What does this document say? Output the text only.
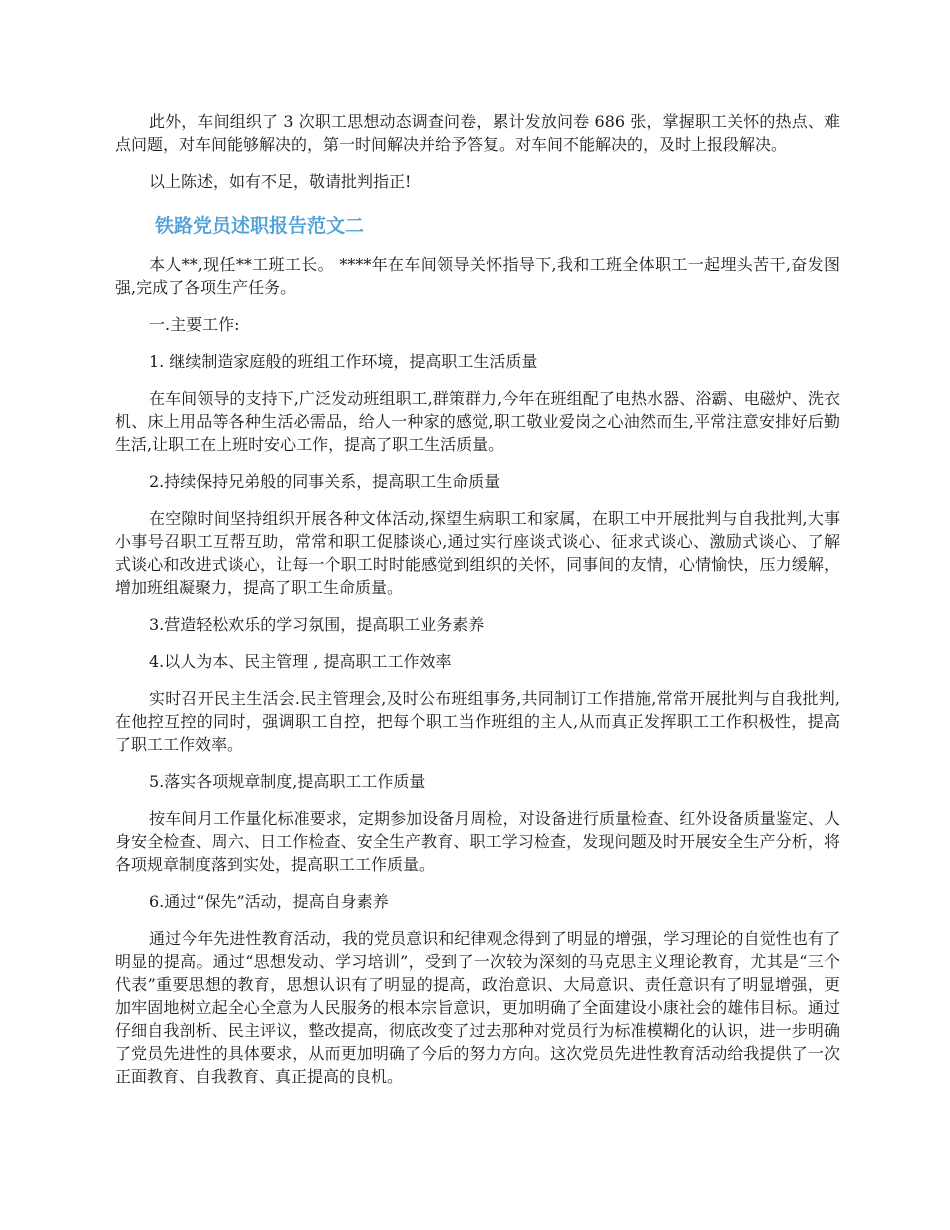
此外，车间组织了 3 次职工思想动态调查问卷，累计发放问卷 686 张，掌握职工关怀的热点、难点问题，对车间能够解决的，第一时间解决并给予答复。对车间不能解决的，及时上报段解决。

以上陈述，如有不足，敬请批判指正!

铁路党员述职报告范文二

本人**,现任**工班工长。 ****年在车间领导关怀指导下,我和工班全体职工一起埋头苦干,奋发图强,完成了各项生产任务。

一.主要工作:

1. 继续制造家庭般的班组工作环境，提高职工生活质量

在车间领导的支持下,广泛发动班组职工,群策群力,今年在班组配了电热水器、浴霸、电磁炉、洗衣机、床上用品等各种生活必需品，给人一种家的感觉,职工敬业爱岗之心油然而生,平常注意安排好后勤生活,让职工在上班时安心工作，提高了职工生活质量。

2.持续保持兄弟般的同事关系，提高职工生命质量

在空隙时间坚持组织开展各种文体活动,探望生病职工和家属，在职工中开展批判与自我批判,大事小事号召职工互帮互助，常常和职工促膝谈心,通过实行座谈式谈心、征求式谈心、激励式谈心、了解式谈心和改进式谈心，让每一个职工时时能感觉到组织的关怀，同事间的友情，心情愉快，压力缓解，增加班组凝聚力，提高了职工生命质量。

3.营造轻松欢乐的学习氛围，提高职工业务素养

4.以人为本、民主管理 , 提高职工工作效率

实时召开民主生活会.民主管理会,及时公布班组事务,共同制订工作措施,常常开展批判与自我批判,在他控互控的同时，强调职工自控，把每个职工当作班组的主人,从而真正发挥职工工作积极性，提高了职工工作效率。

5.落实各项规章制度,提高职工工作质量

按车间月工作量化标准要求，定期参加设备月周检，对设备进行质量检查、红外设备质量鉴定、人身安全检查、周六、日工作检查、安全生产教育、职工学习检查，发现问题及时开展安全生产分析，将各项规章制度落到实处，提高职工工作质量。

6.通过“保先”活动，提高自身素养

通过今年先进性教育活动，我的党员意识和纪律观念得到了明显的增强，学习理论的自觉性也有了明显的提高。通过“思想发动、学习培训”，受到了一次较为深刻的马克思主义理论教育，尤其是“三个代表”重要思想的教育，思想认识有了明显的提高，政治意识、大局意识、责任意识有了明显增强，更加牢固地树立起全心全意为人民服务的根本宗旨意识，更加明确了全面建设小康社会的雄伟目标。通过仔细自我剖析、民主评议，整改提高，彻底改变了过去那种对党员行为标准模糊化的认识，进一步明确了党员先进性的具体要求，从而更加明确了今后的努力方向。这次党员先进性教育活动给我提供了一次正面教育、自我教育、真正提高的良机。
